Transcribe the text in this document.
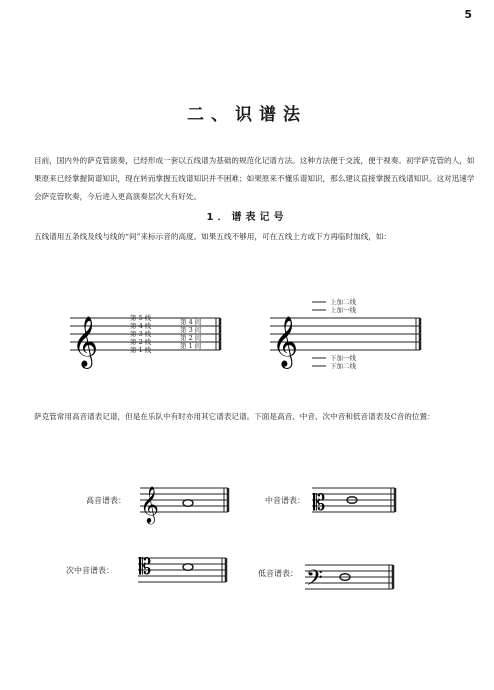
5
二、识谱法
目前，国内外的萨克管演奏，已经形成一套以五线谱为基础的规范化记谱方法。这种方法便于交流，便于视奏。初学萨克管的人，如果原来已经掌握简谱知识，现在转而掌握五线谱知识并不困难；如果原来不懂乐谱知识，那么建议直接掌握五线谱知识。这对迅速学会萨克管吹奏，今后进入更高演奏层次大有好处。
1．谱表记号
五线谱用五条线及线与线的“间”来标示音的高度。如果五线不够用，可在五线上方或下方再临时加线，如：
𝄞	第 5 线
第 4 线
第 3 线
第 2 线
第 1 线
第 4 间
第 3 间
第 2 间
第 1 间 𝄞
上加二线
上加一线
下加一线
下加二线
𝄞	𝄡
𝄡	𝄢
萨克管常用高音谱表记谱，但是在乐队中有时亦用其它谱表记谱。下面是高音、中音、次中音和低音谱表及C音的位置：
高音谱表：	中音谱表：
次中音谱表：	低音谱表：
